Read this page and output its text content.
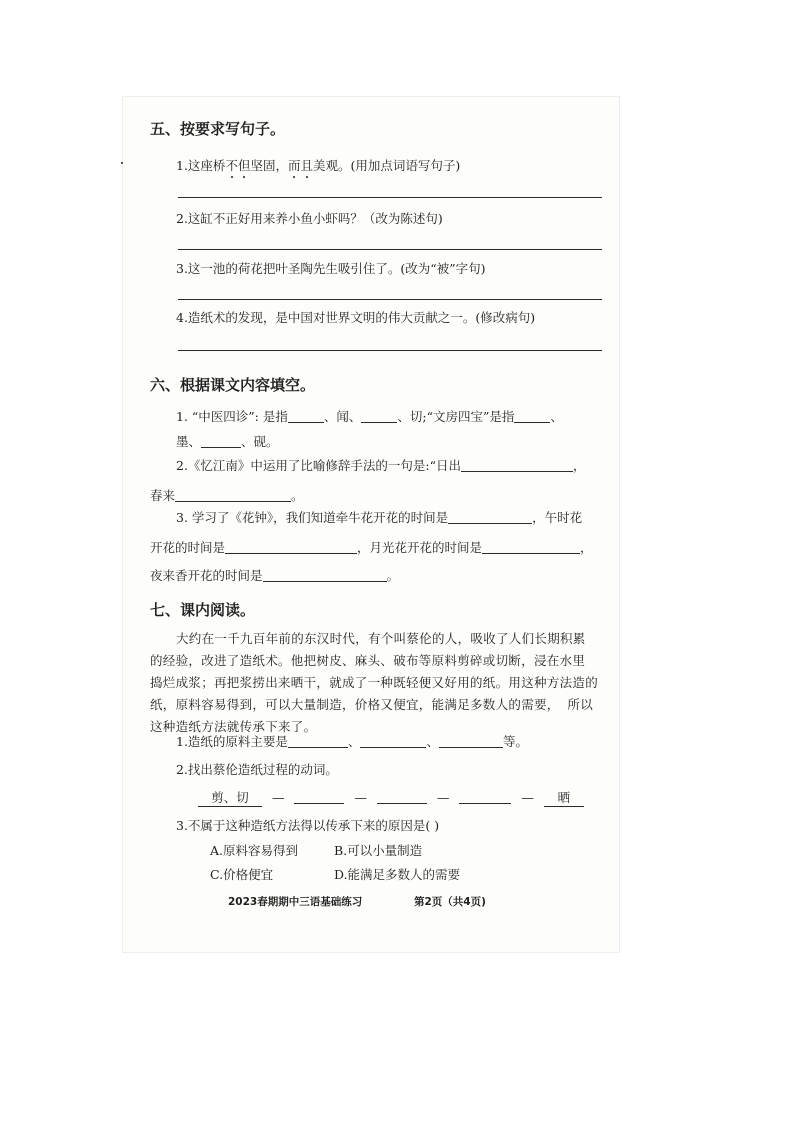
五、按要求写句子。
1.这座桥不但坚固，而且美观。(用加点词语写句子)
2.这缸不正好用来养小鱼小虾吗？（改为陈述句)
3.这一池的荷花把叶圣陶先生吸引住了。(改为“被”字句)
4.造纸术的发现，是中国对世界文明的伟大贡献之一。(修改病句)
六、根据课文内容填空。
1. “中医四诊”: 是指	、闻、	、切;“文房四宝”是指	、
墨、	、砚。
2.《忆江南》中运用了比喻修辞手法的一句是:“日出	，
春来	。
3. 学习了《花钟》，我们知道牵牛花开花的时间是	，午时花
开花的时间是	，月光花开花的时间是	，
夜来香开花的时间是	。
七、课内阅读。
大约在一千九百年前的东汉时代，有个叫蔡伦的人，吸收了人们长期积累
的经验，改进了造纸术。他把树皮、麻头、破布等原料剪碎或切断，浸在水里
捣烂成浆；再把浆捞出来晒干，就成了一种既轻便又好用的纸。用这种方法造的
纸，原料容易得到，可以大量制造，价格又便宜，能满足多数人的需要， 所以
这种造纸方法就传承下来了。
1.造纸的原料主要是	、	、	等。
2.找出蔡伦造纸过程的动词。
剪、切 —	—	—	— 晒
3.不属于这种造纸方法得以传承下来的原因是( )
A.原料容易得到	B.可以小量制造
C.价格便宜	D.能满足多数人的需要
2023春期期中三语基础练习	第2页（共4页)
